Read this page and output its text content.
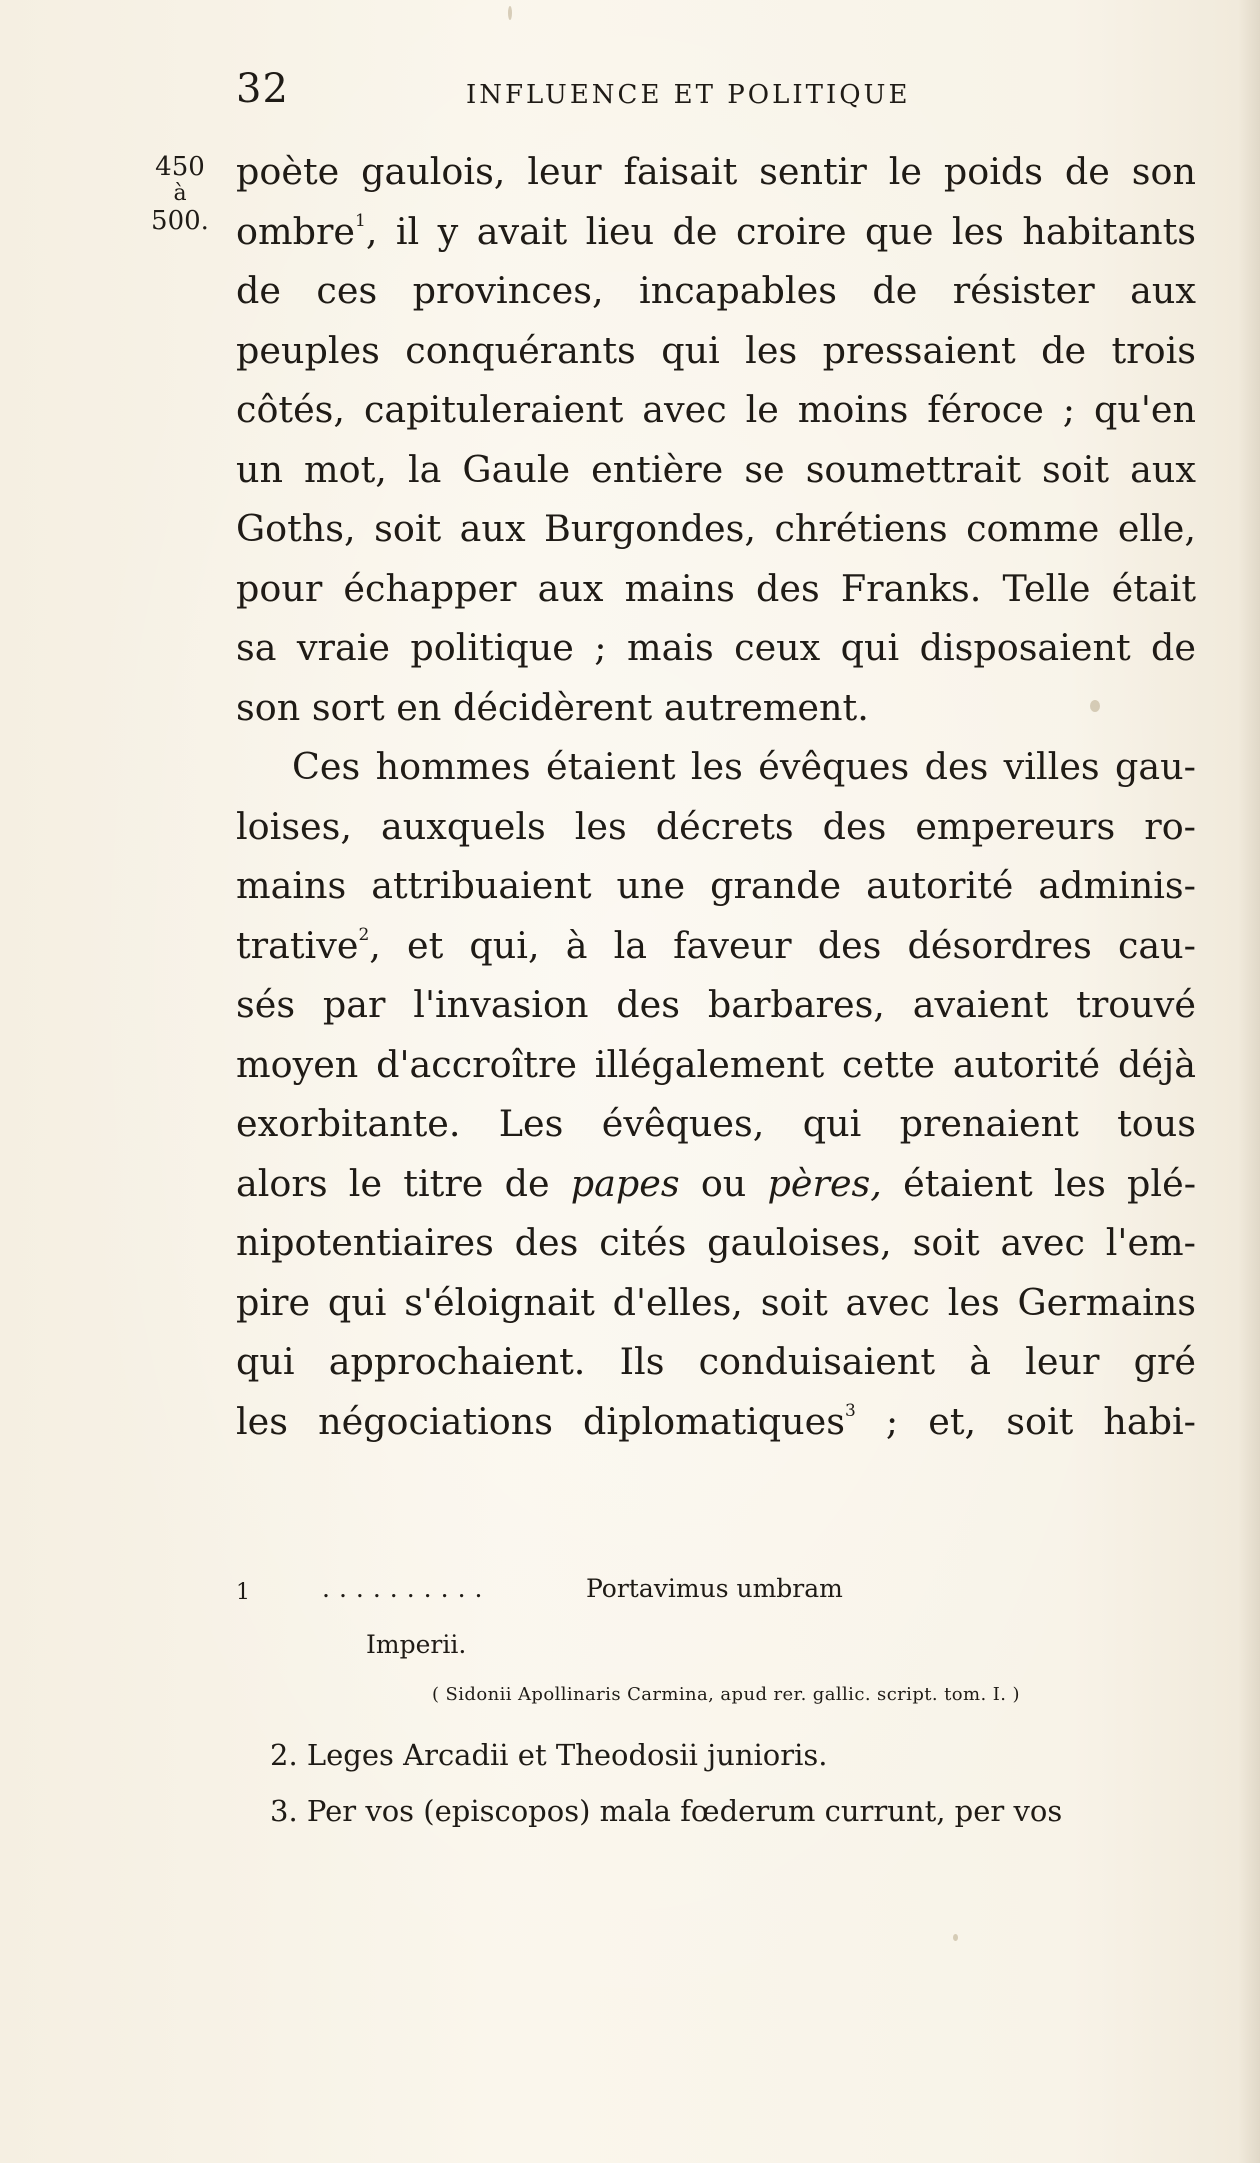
32	INFLUENCE ET POLITIQUE
450
à
500.
poète gaulois, leur faisait sentir le poids de son
ombre$^1$, il y avait lieu de croire que les habitants
de ces provinces, incapables de résister aux
peuples conquérants qui les pressaient de trois
côtés, capituleraient avec le moins féroce ; qu'en
un mot, la Gaule entière se soumettrait soit aux
Goths, soit aux Burgondes, chrétiens comme elle,
pour échapper aux mains des Franks. Telle était
sa vraie politique ; mais ceux qui disposaient de
son sort en décidèrent autrement.
Ces hommes étaient les évêques des villes gau-
loises, auxquels les décrets des empereurs ro-
mains attribuaient une grande autorité adminis-
trative$^2$, et qui, à la faveur des désordres cau-
sés par l'invasion des barbares, avaient trouvé
moyen d'accroître illégalement cette autorité déjà
exorbitante. Les évêques, qui prenaient tous
alors le titre de papes ou pères, étaient les plé-
nipotentiaires des cités gauloises, soit avec l'em-
pire qui s'éloignait d'elles, soit avec les Germains
qui approchaient. Ils conduisaient à leur gré
les négociations diplomatiques$^3$ ; et, soit habi-
1	..........	Portavimus umbram
Imperii.
( Sidonii Apollinaris Carmina, apud rer. gallic. script. tom. I. )
2. Leges Arcadii et Theodosii junioris.
3. Per vos (episcopos) mala fœderum currunt, per vos
